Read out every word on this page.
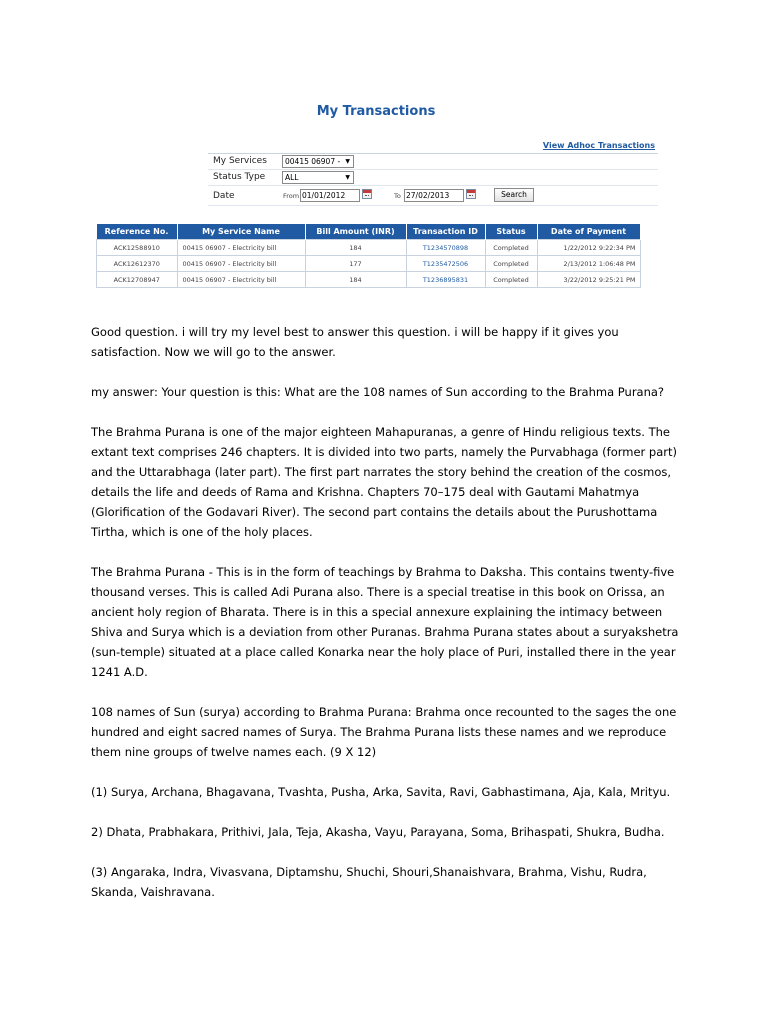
My Transactions
View Adhoc Transactions
My Services	00415 06907 - ▼
Status Type	ALL	▼
Date	From 01/01/2012	To 27/02/2013	Search
Reference No.	My Service Name	Bill Amount (INR)	Transaction ID	Status	Date of Payment
ACK12588910	00415 06907 - Electricity bill	184	T1234570898	Completed	1/22/2012 9:22:34 PM
ACK12612370	00415 06907 - Electricity bill	177	T1235472506	Completed	2/13/2012 1:06:48 PM
ACK12708947	00415 06907 - Electricity bill	184	T1236895831	Completed	3/22/2012 9:25:21 PM

Good question. i will try my level best to answer this question. i will be happy if it gives you satisfaction. Now we will go to the answer.

my answer: Your question is this: What are the 108 names of Sun according to the Brahma Purana?

The Brahma Purana is one of the major eighteen Mahapuranas, a genre of Hindu religious texts. The extant text comprises 246 chapters. It is divided into two parts, namely the Purvabhaga (former part) and the Uttarabhaga (later part). The first part narrates the story behind the creation of the cosmos, details the life and deeds of Rama and Krishna. Chapters 70–175 deal with Gautami Mahatmya (Glorification of the Godavari River). The second part contains the details about the Purushottama Tirtha, which is one of the holy places.

The Brahma Purana - This is in the form of teachings by Brahma to Daksha. This contains twenty-five thousand verses. This is called Adi Purana also. There is a special treatise in this book on Orissa, an ancient holy region of Bharata. There is in this a special annexure explaining the intimacy between Shiva and Surya which is a deviation from other Puranas. Brahma Purana states about a suryakshetra (sun-temple) situated at a place called Konarka near the holy place of Puri, installed there in the year 1241 A.D.

108 names of Sun (surya) according to Brahma Purana: Brahma once recounted to the sages the one hundred and eight sacred names of Surya. The Brahma Purana lists these names and we reproduce them nine groups of twelve names each. (9 X 12)

(1) Surya, Archana, Bhagavana, Tvashta, Pusha, Arka, Savita, Ravi, Gabhastimana, Aja, Kala, Mrityu.

2) Dhata, Prabhakara, Prithivi, Jala, Teja, Akasha, Vayu, Parayana, Soma, Brihaspati, Shukra, Budha.

(3) Angaraka, Indra, Vivasvana, Diptamshu, Shuchi, Shouri,Shanaishvara, Brahma, Vishu, Rudra, Skanda, Vaishravana.
